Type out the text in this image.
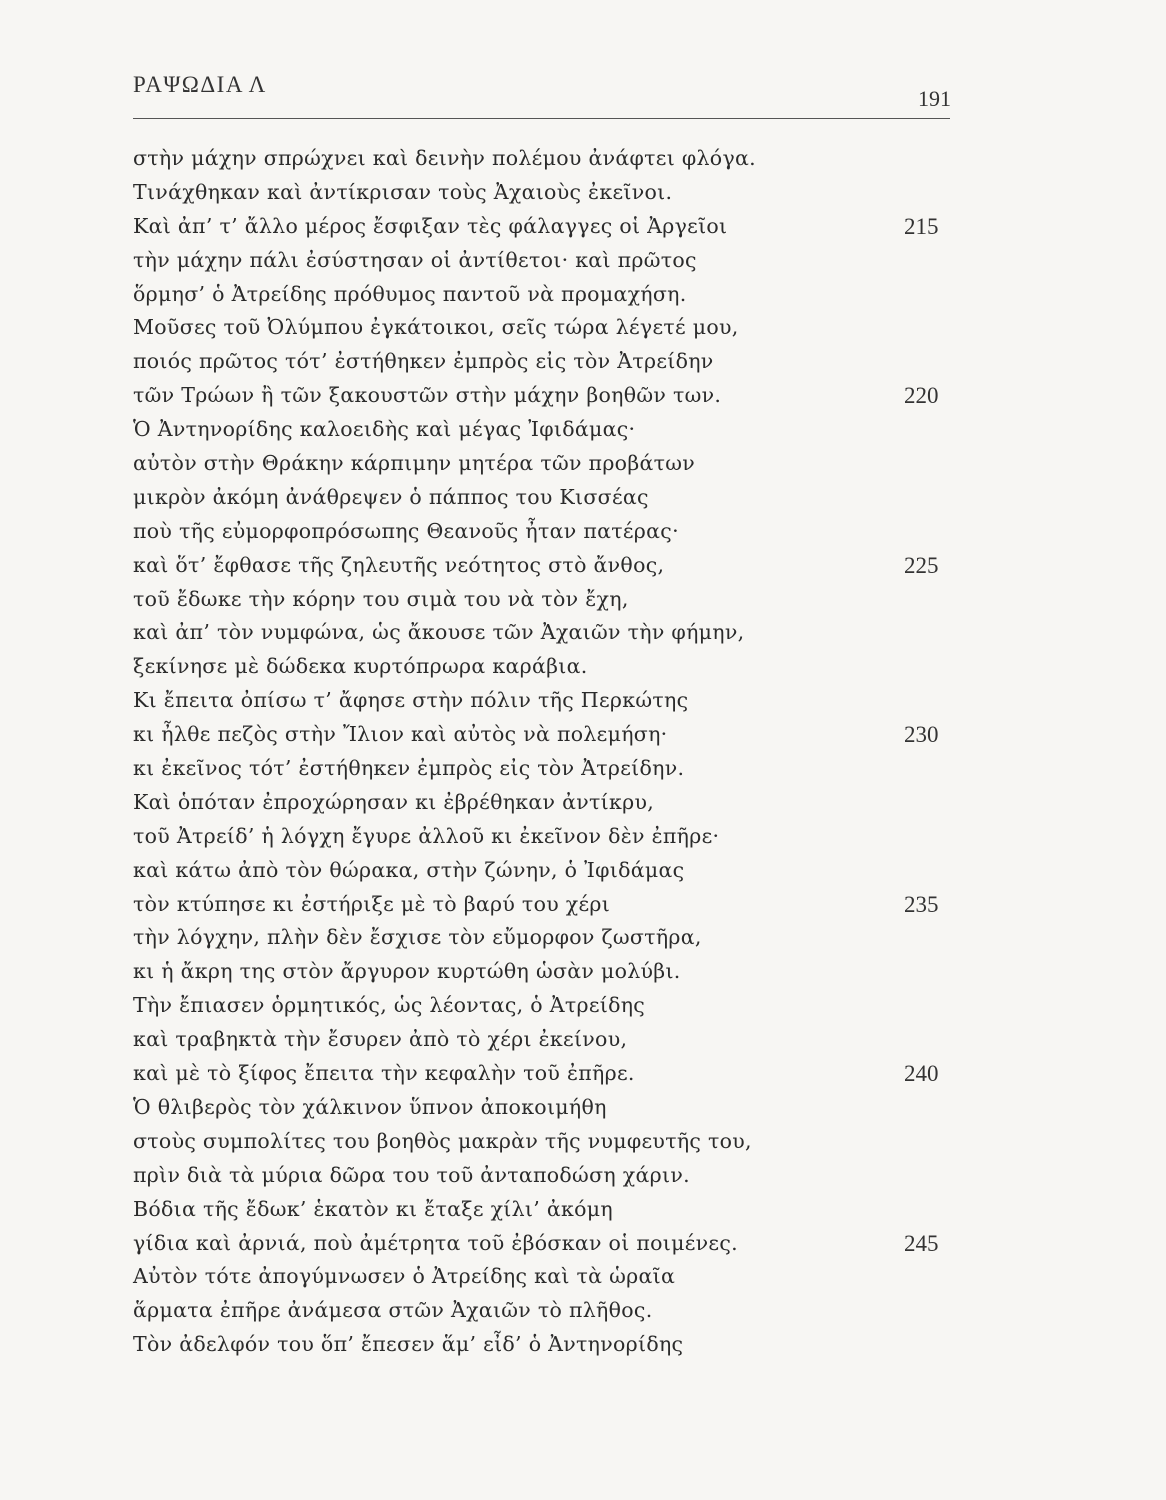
ΡΑΨΩΔΙΑ Λ
191
στὴν μάχην σπρώχνει καὶ δεινὴν πολέμου ἀνάφτει φλόγα.
Τινάχθηκαν καὶ ἀντίκρισαν τοὺς Ἀχαιοὺς ἐκεῖνοι.
Καὶ ἀπ’ τ’ ἄλλο μέρος ἔσφιξαν τὲς φάλαγγες οἱ Ἀργεῖοι	215
τὴν μάχην πάλι ἐσύστησαν οἱ ἀντίθετοι· καὶ πρῶτος
ὅρμησ’ ὁ Ἀτρείδης πρόθυμος παντοῦ νὰ προμαχήση.
Μοῦσες τοῦ Ὀλύμπου ἐγκάτοικοι, σεῖς τώρα λέγετέ μου,
ποιός πρῶτος τότ’ ἐστήθηκεν ἐμπρὸς εἰς τὸν Ἀτρείδην
τῶν Τρώων ἢ τῶν ξακουστῶν στὴν μάχην βοηθῶν των.	220
Ὁ Ἀντηνορίδης καλοειδὴς καὶ μέγας Ἰφιδάμας·
αὐτὸν στὴν Θράκην κάρπιμην μητέρα τῶν προβάτων
μικρὸν ἀκόμη ἀνάθρεψεν ὁ πάππος του Κισσέας
ποὺ τῆς εὐμορφοπρόσωπης Θεανοῦς ἦταν πατέρας·
καὶ ὅτ’ ἔφθασε τῆς ζηλευτῆς νεότητος στὸ ἄνθος,	225
τοῦ ἔδωκε τὴν κόρην του σιμὰ του νὰ τὸν ἔχη,
καὶ ἀπ’ τὸν νυμφώνα, ὡς ἄκουσε τῶν Ἀχαιῶν τὴν φήμην,
ξεκίνησε μὲ δώδεκα κυρτόπρωρα καράβια.
Κι ἔπειτα ὀπίσω τ’ ἄφησε στὴν πόλιν τῆς Περκώτης
κι ἦλθε πεζὸς στὴν Ἴλιον καὶ αὐτὸς νὰ πολεμήση·	230
κι ἐκεῖνος τότ’ ἐστήθηκεν ἐμπρὸς εἰς τὸν Ἀτρείδην.
Καὶ ὁπόταν ἐπροχώρησαν κι ἐβρέθηκαν ἀντίκρυ,
τοῦ Ἀτρείδ’ ἡ λόγχη ἔγυρε ἀλλοῦ κι ἐκεῖνον δὲν ἐπῆρε·
καὶ κάτω ἀπὸ τὸν θώρακα, στὴν ζώνην, ὁ Ἰφιδάμας
τὸν κτύπησε κι ἐστήριξε μὲ τὸ βαρύ του χέρι	235
τὴν λόγχην, πλὴν δὲν ἔσχισε τὸν εὔμορφον ζωστῆρα,
κι ἡ ἄκρη της στὸν ἄργυρον κυρτώθη ὡσὰν μολύβι.
Τὴν ἔπιασεν ὁρμητικός, ὡς λέοντας, ὁ Ἀτρείδης
καὶ τραβηκτὰ τὴν ἔσυρεν ἀπὸ τὸ χέρι ἐκείνου,
καὶ μὲ τὸ ξίφος ἔπειτα τὴν κεφαλὴν τοῦ ἐπῆρε.	240
Ὁ θλιβερὸς τὸν χάλκινον ὕπνον ἀποκοιμήθη
στοὺς συμπολίτες του βοηθὸς μακρὰν τῆς νυμφευτῆς του,
πρὶν διὰ τὰ μύρια δῶρα του τοῦ ἀνταποδώση χάριν.
Βόδια τῆς ἔδωκ’ ἑκατὸν κι ἔταξε χίλι’ ἀκόμη
γίδια καὶ ἀρνιά, ποὺ ἀμέτρητα τοῦ ἐβόσκαν οἱ ποιμένες.	245
Αὐτὸν τότε ἀπογύμνωσεν ὁ Ἀτρείδης καὶ τὰ ὡραῖα
ἅρματα ἐπῆρε ἀνάμεσα στῶν Ἀχαιῶν τὸ πλῆθος.
Τὸν ἀδελφόν του ὅπ’ ἔπεσεν ἅμ’ εἶδ’ ὁ Ἀντηνορίδης
